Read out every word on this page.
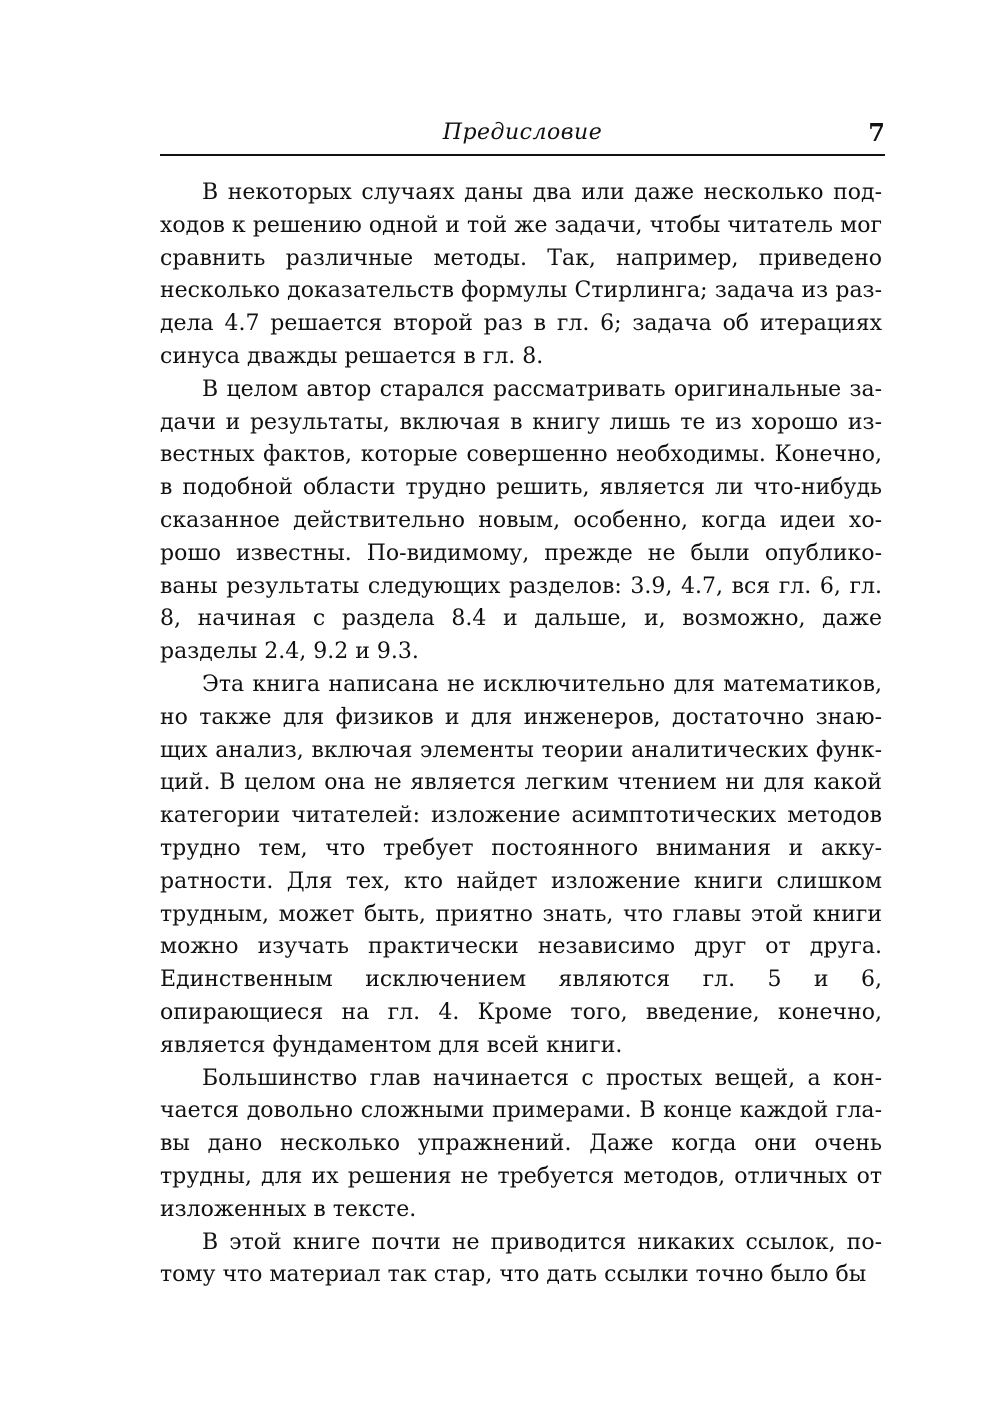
Предисловие	7

В некоторых случаях даны два или даже несколько подходов к решению одной и той же задачи, чтобы читатель мог сравнить различные методы. Так, например, приведено несколько доказательств формулы Стирлинга; задача из раздела 4.7 решается второй раз в гл. 6; задача об итерациях синуса дважды решается в гл. 8.

В целом автор старался рассматривать оригинальные задачи и результаты, включая в книгу лишь те из хорошо известных фактов, которые совершенно необходимы. Конечно, в подобной области трудно решить, является ли что-нибудь сказанное действительно новым, особенно, когда идеи хорошо известны. По-видимому, прежде не были опубликованы результаты следующих разделов: 3.9, 4.7, вся гл. 6, гл. 8, начиная с раздела 8.4 и дальше, и, возможно, даже разделы 2.4, 9.2 и 9.3.

Эта книга написана не исключительно для математиков, но также для физиков и для инженеров, достаточно знающих анализ, включая элементы теории аналитических функций. В целом она не является легким чтением ни для какой категории читателей: изложение асимптотических методов трудно тем, что требует постоянного внимания и аккуратности. Для тех, кто найдет изложение книги слишком трудным, может быть, приятно знать, что главы этой книги можно изучать практически независимо друг от друга. Единственным исключением являются гл. 5 и 6, опирающиеся на гл. 4. Кроме того, введение, конечно, является фундаментом для всей книги.

Большинство глав начинается с простых вещей, а кончается довольно сложными примерами. В конце каждой главы дано несколько упражнений. Даже когда они очень трудны, для их решения не требуется методов, отличных от изложенных в тексте.

В этой книге почти не приводится никаких ссылок, потому что материал так стар, что дать ссылки точно было бы
